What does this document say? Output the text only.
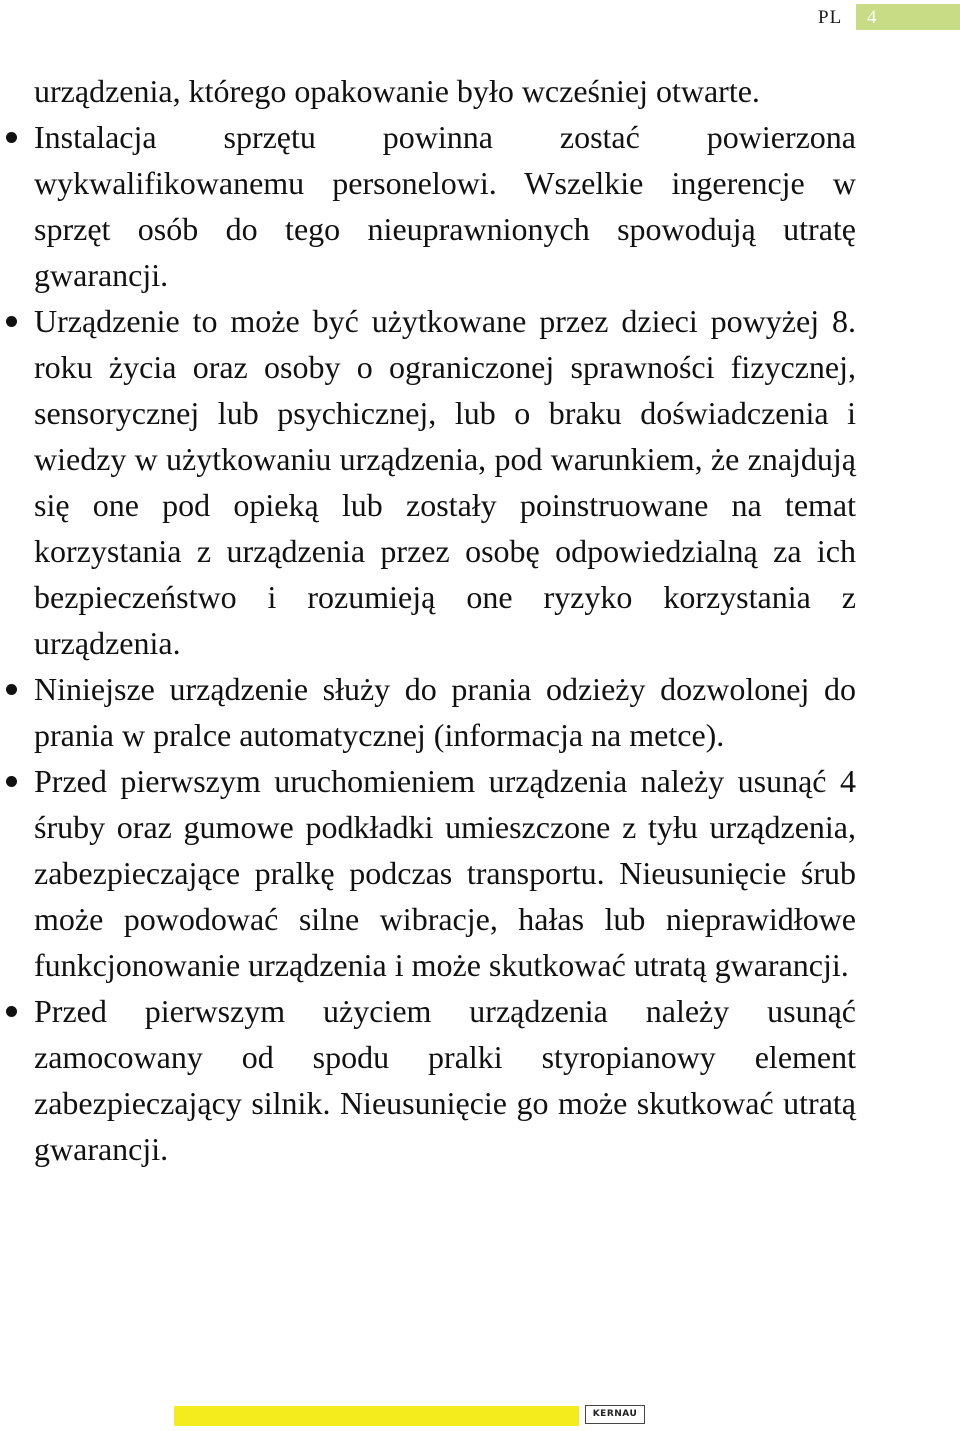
PL 4

urządzenia, którego opakowanie było wcześniej otwarte.

Instalacja sprzętu powinna zostać powierzona wykwalifikowanemu personelowi. Wszelkie ingerencje w sprzęt osób do tego nieuprawnionych spowodują utratę gwarancji.
Urządzenie to może być użytkowane przez dzieci powyżej 8. roku życia oraz osoby o ograniczonej sprawności fizycznej, sensorycznej lub psychicznej, lub o braku doświadczenia i wiedzy w użytkowaniu urządzenia, pod warunkiem, że znajdują się one pod opieką lub zostały poinstruowane na temat korzystania z urządzenia przez osobę odpowiedzialną za ich bezpieczeństwo i rozumieją one ryzyko korzystania z urządzenia.
Niniejsze urządzenie służy do prania odzieży dozwolonej do prania w pralce automatycznej (informacja na metce).
Przed pierwszym uruchomieniem urządzenia należy usunąć 4 śruby oraz gumowe podkładki umieszczone z tyłu urządzenia, zabezpieczające pralkę podczas transportu. Nieusunięcie śrub może powodować silne wibracje, hałas lub nieprawidłowe funkcjonowanie urządzenia i może skutkować utratą gwarancji.
Przed pierwszym użyciem urządzenia należy usunąć zamocowany od spodu pralki styropianowy element zabezpieczający silnik. Nieusunięcie go może skutkować utratą gwarancji.
KERNAU
